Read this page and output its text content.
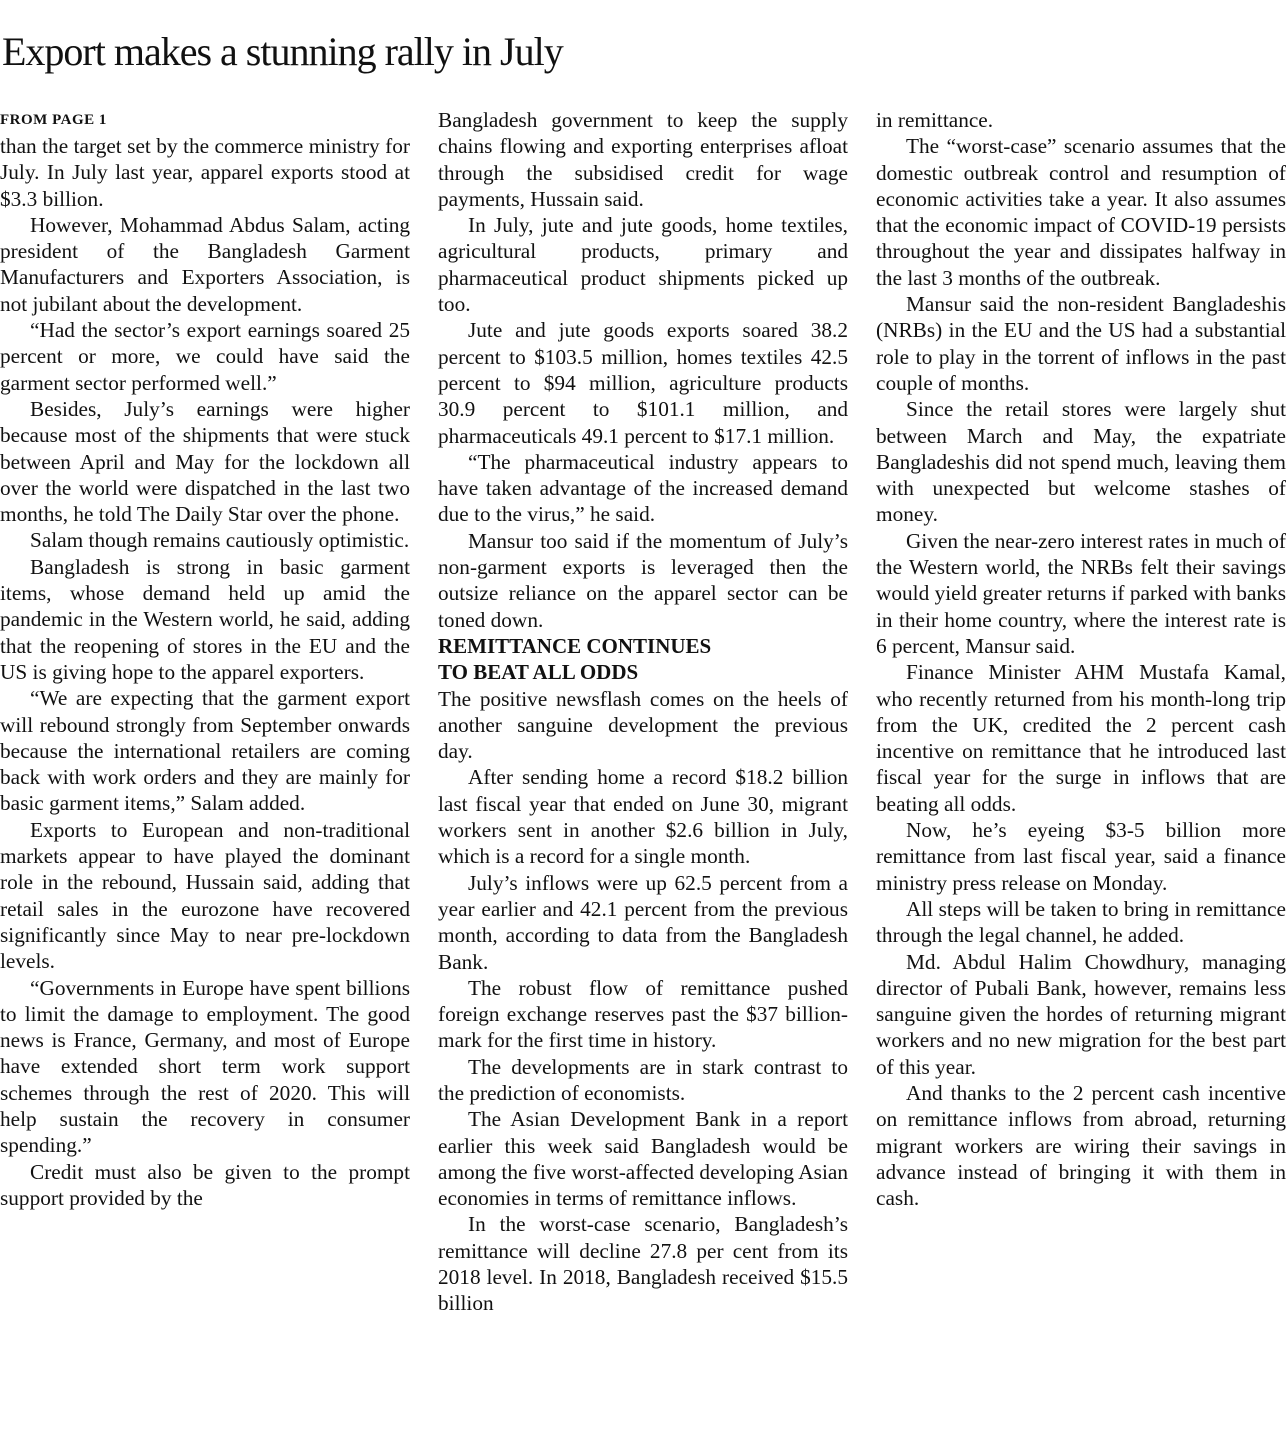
Export makes a stunning rally in July
FROM PAGE 1

than the target set by the commerce ministry for July. In July last year, apparel exports stood at $3.3 billion.

However, Mohammad Abdus Salam, acting president of the Bangladesh Garment Manufacturers and Exporters Association, is not jubilant about the development.

“Had the sector’s export earnings soared 25 percent or more, we could have said the garment sector performed well.”

Besides, July’s earnings were higher because most of the shipments that were stuck between April and May for the lockdown all over the world were dispatched in the last two months, he told The Daily Star over the phone.

Salam though remains cautiously optimistic.

Bangladesh is strong in basic garment items, whose demand held up amid the pandemic in the Western world, he said, adding that the reopening of stores in the EU and the US is giving hope to the apparel exporters.

“We are expecting that the garment export will rebound strongly from September onwards because the international retailers are coming back with work orders and they are mainly for basic garment items,” Salam added.

Exports to European and non-traditional markets appear to have played the dominant role in the rebound, Hussain said, adding that retail sales in the eurozone have recovered significantly since May to near pre-lockdown levels.

“Governments in Europe have spent billions to limit the damage to employment. The good news is France, Germany, and most of Europe have extended short term work support schemes through the rest of 2020. This will help sustain the recovery in consumer spending.”

Credit must also be given to the prompt support provided by the

Bangladesh government to keep the supply chains flowing and exporting enterprises afloat through the subsidised credit for wage payments, Hussain said.

In July, jute and jute goods, home textiles, agricultural products, primary and pharmaceutical product shipments picked up too.

Jute and jute goods exports soared 38.2 percent to $103.5 million, homes textiles 42.5 percent to $94 million, agriculture products 30.9 percent to $101.1 million, and pharmaceuticals 49.1 percent to $17.1 million.

“The pharmaceutical industry appears to have taken advantage of the increased demand due to the virus,” he said.

Mansur too said if the momentum of July’s non-garment exports is leveraged then the outsize reliance on the apparel sector can be toned down.

REMITTANCE CONTINUES
TO BEAT ALL ODDS

The positive newsflash comes on the heels of another sanguine development the previous day.

After sending home a record $18.2 billion last fiscal year that ended on June 30, migrant workers sent in another $2.6 billion in July, which is a record for a single month.

July’s inflows were up 62.5 percent from a year earlier and 42.1 percent from the previous month, according to data from the Bangladesh Bank.

The robust flow of remittance pushed foreign exchange reserves past the $37 billion-mark for the first time in history.

The developments are in stark contrast to the prediction of economists.

The Asian Development Bank in a report earlier this week said Bangladesh would be among the five worst-affected developing Asian economies in terms of remittance inflows.

In the worst-case scenario, Bangladesh’s remittance will decline 27.8 per cent from its 2018 level. In 2018, Bangladesh received $15.5 billion

in remittance.

The “worst-case” scenario assumes that the domestic outbreak control and resumption of economic activities take a year. It also assumes that the economic impact of COVID-19 persists throughout the year and dissipates halfway in the last 3 months of the outbreak.

Mansur said the non-resident Bangladeshis (NRBs) in the EU and the US had a substantial role to play in the torrent of inflows in the past couple of months.

Since the retail stores were largely shut between March and May, the expatriate Bangladeshis did not spend much, leaving them with unexpected but welcome stashes of money.

Given the near-zero interest rates in much of the Western world, the NRBs felt their savings would yield greater returns if parked with banks in their home country, where the interest rate is 6 percent, Mansur said.

Finance Minister AHM Mustafa Kamal, who recently returned from his month-long trip from the UK, credited the 2 percent cash incentive on remittance that he introduced last fiscal year for the surge in inflows that are beating all odds.

Now, he’s eyeing $3-5 billion more remittance from last fiscal year, said a finance ministry press release on Monday.

All steps will be taken to bring in remittance through the legal channel, he added.

Md. Abdul Halim Chowdhury, managing director of Pubali Bank, however, remains less sanguine given the hordes of returning migrant workers and no new migration for the best part of this year.

And thanks to the 2 percent cash incentive on remittance inflows from abroad, returning migrant workers are wiring their savings in advance instead of bringing it with them in cash.
